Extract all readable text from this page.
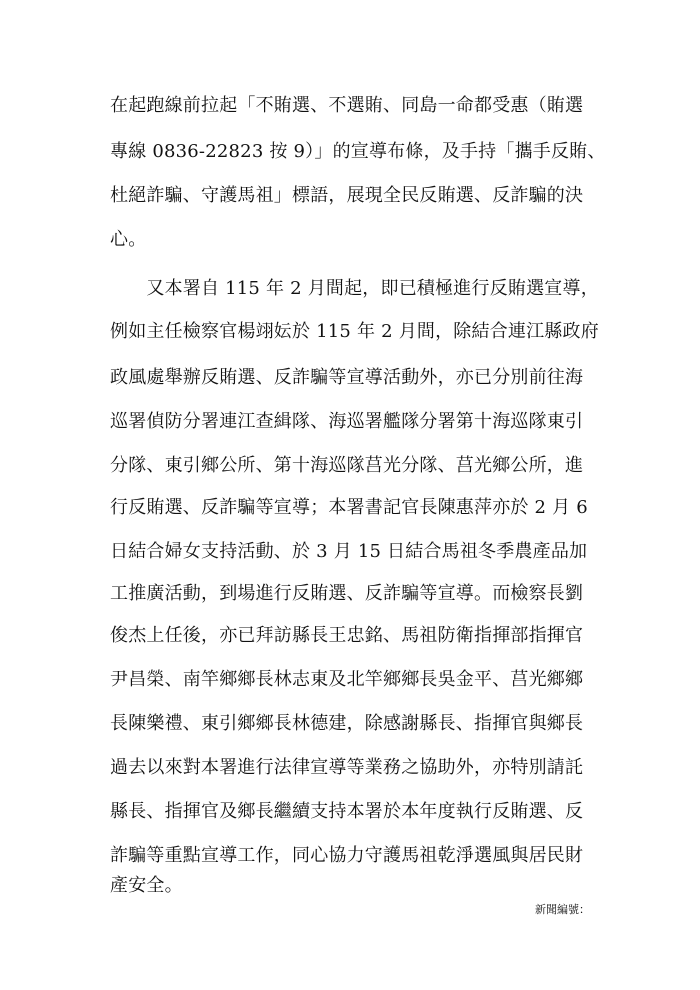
在起跑線前拉起「不賄選、不選賄、同島一命都受惠（賄選

專線 0836-22823 按 9）」的宣導布條，及手持「攜手反賄、

杜絕詐騙、守護馬祖」標語，展現全民反賄選、反詐騙的決

心。

　　又本署自 115 年 2 月間起，即已積極進行反賄選宣導，

例如主任檢察官楊翊妘於 115 年 2 月間，除結合連江縣政府

政風處舉辦反賄選、反詐騙等宣導活動外，亦已分別前往海

巡署偵防分署連江查緝隊、海巡署艦隊分署第十海巡隊東引

分隊、東引鄉公所、第十海巡隊莒光分隊、莒光鄉公所，進

行反賄選、反詐騙等宣導；本署書記官長陳惠萍亦於 2 月 6

日結合婦女支持活動、於 3 月 15 日結合馬祖冬季農產品加

工推廣活動，到場進行反賄選、反詐騙等宣導。而檢察長劉

俊杰上任後，亦已拜訪縣長王忠銘、馬祖防衛指揮部指揮官

尹昌榮、南竿鄉鄉長林志東及北竿鄉鄉長吳金平、莒光鄉鄉

長陳樂禮、東引鄉鄉長林德建，除感謝縣長、指揮官與鄉長

過去以來對本署進行法律宣導等業務之協助外，亦特別請託

縣長、指揮官及鄉長繼續支持本署於本年度執行反賄選、反

詐騙等重點宣導工作，同心協力守護馬祖乾淨選風與居民財

產安全。

新聞編號：
